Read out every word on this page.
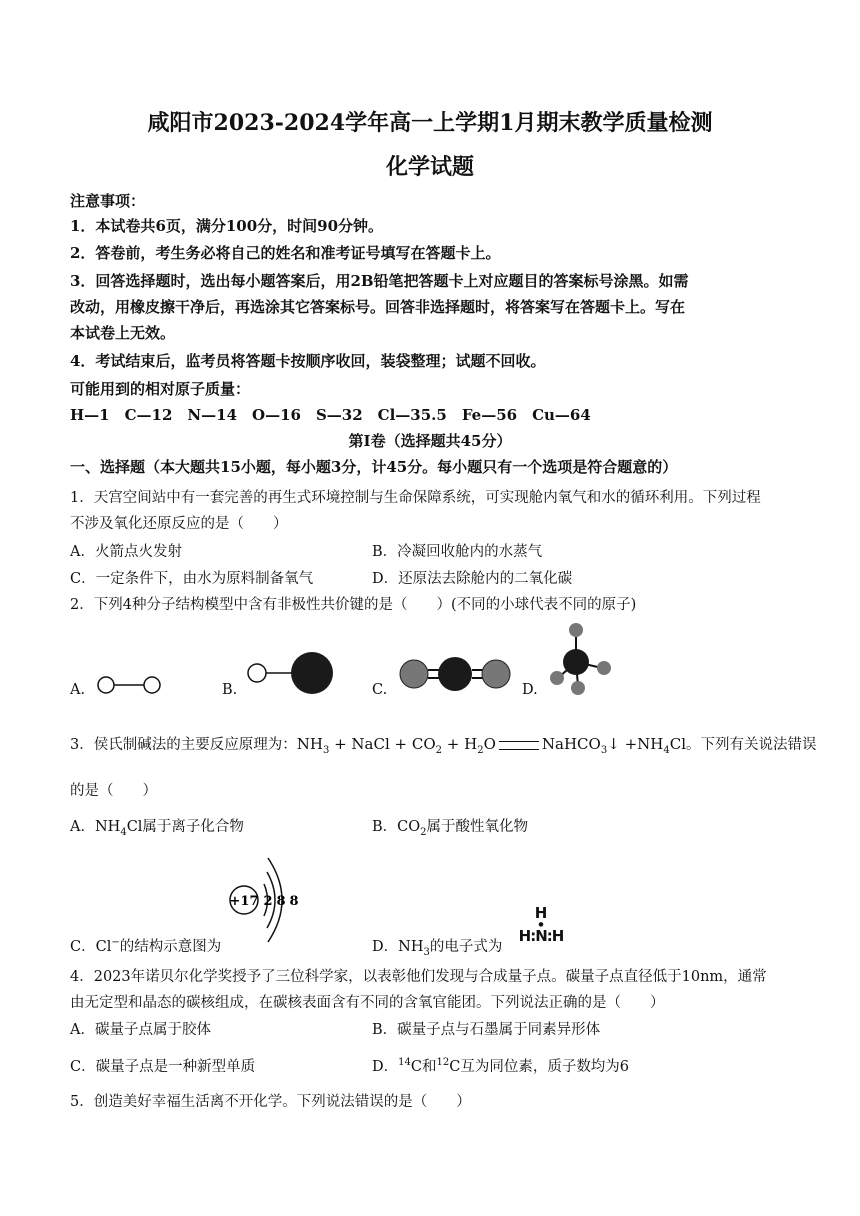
咸阳市2023-2024学年高一上学期1月期末教学质量检测
化学试题
注意事项：
1．本试卷共6页，满分100分，时间90分钟。
2．答卷前，考生务必将自己的姓名和准考证号填写在答题卡上。
3．回答选择题时，选出每小题答案后，用2B铅笔把答题卡上对应题目的答案标号涂黑。如需
改动，用橡皮擦干净后，再选涂其它答案标号。回答非选择题时，将答案写在答题卡上。写在
本试卷上无效。
4．考试结束后，监考员将答题卡按顺序收回，装袋整理；试题不回收。
可能用到的相对原子质量：
H—1　C—12　N—14　O—16　S—32　Cl—35.5　Fe—56　Cu—64
第Ⅰ卷（选择题共45分）
一、选择题（本大题共15小题，每小题3分，计45分。每小题只有一个选项是符合题意的）
1．天宫空间站中有一套完善的再生式环境控制与生命保障系统，可实现舱内氧气和水的循环利用。下列过程
不涉及氧化还原反应的是（　　）
A．火箭点火发射	B．冷凝回收舱内的水蒸气
C．一定条件下，由水为原料制备氧气	D．还原法去除舱内的二氧化碳
2．下列4种分子结构模型中含有非极性共价键的是（　　）(不同的小球代表不同的原子)
A.	B.	C.	D.
3．侯氏制碱法的主要反应原理为：$NH_3$ + NaCl + $CO_2 + H_2O$	NaHCO$_3$↓ $+NH_4Cl$。下列有关说法错误
的是（　　）
A．$NH_4Cl$属于离子化合物	B．$CO_2$属于酸性氧化物
+17 2 8 8
C．Cl−的结构示意图为	D．$NH_3$的电子式为
H
●
H:N:H
4．2023年诺贝尔化学奖授予了三位科学家，以表彰他们发现与合成量子点。碳量子点直径低于10nm，通常
由无定型和晶态的碳核组成，在碳核表面含有不同的含氧官能团。下列说法正确的是（　　）
A．碳量子点属于胶体	B．碳量子点与石墨属于同素异形体
C．碳量子点是一种新型单质	D．$^{14}$C和$^{12}$C互为同位素，质子数均为6
5．创造美好幸福生活离不开化学。下列说法错误的是（　　）
